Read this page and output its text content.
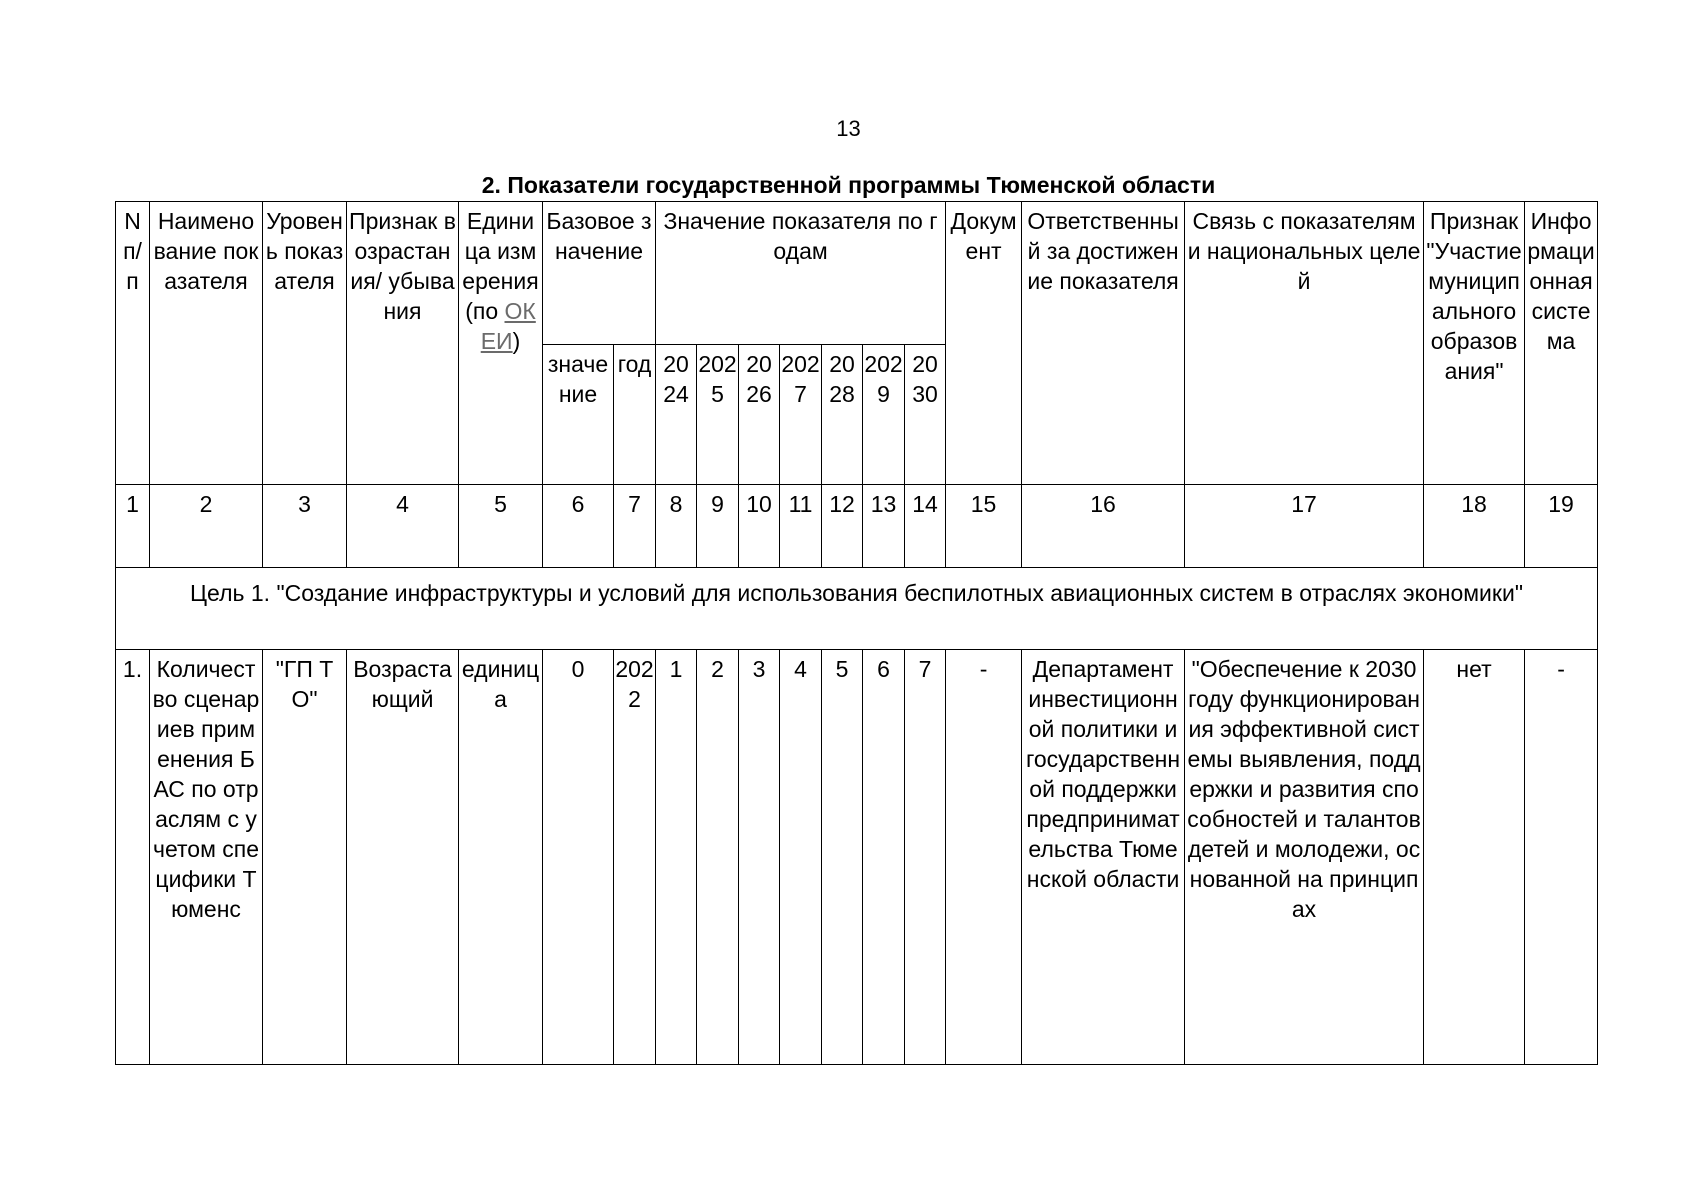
13
2. Показатели государственной программы Тюменской области
N п/п	Наименование показателя	Уровень показателя	Признак возрастания/ убывания	Единица измерения (по ОКЕИ)	Базовое значение		Значение показателя по годам							Документ	Ответственный за достижение показателя	Связь с показателями национальных целей	Признак "Участие муниципального образования"	Информационная система
					значение	год	2024	2025	2026	2027	2028	2029	2030					
1	2	3	4	5	6	7	8	9	10	11	12	13	14	15	16	17	18	19

Цель 1. "Создание инфраструктуры и условий для использования беспилотных авиационных систем в отраслях экономики"																		

1.	Количество сценариев применения БАС по отраслям с учетом специфики Тюменс	"ГП ТО"	Возрастающий	единица	0	2022	1	2	3	4	5	6	7	-	Департамент инвестиционной политики и государственной поддержки предпринимательства Тюменской области	"Обеспечение к 2030 году функционирования эффективной системы выявления, поддержки и развития способностей и талантов детей и молодежи, основанной на принципах	нет	-
